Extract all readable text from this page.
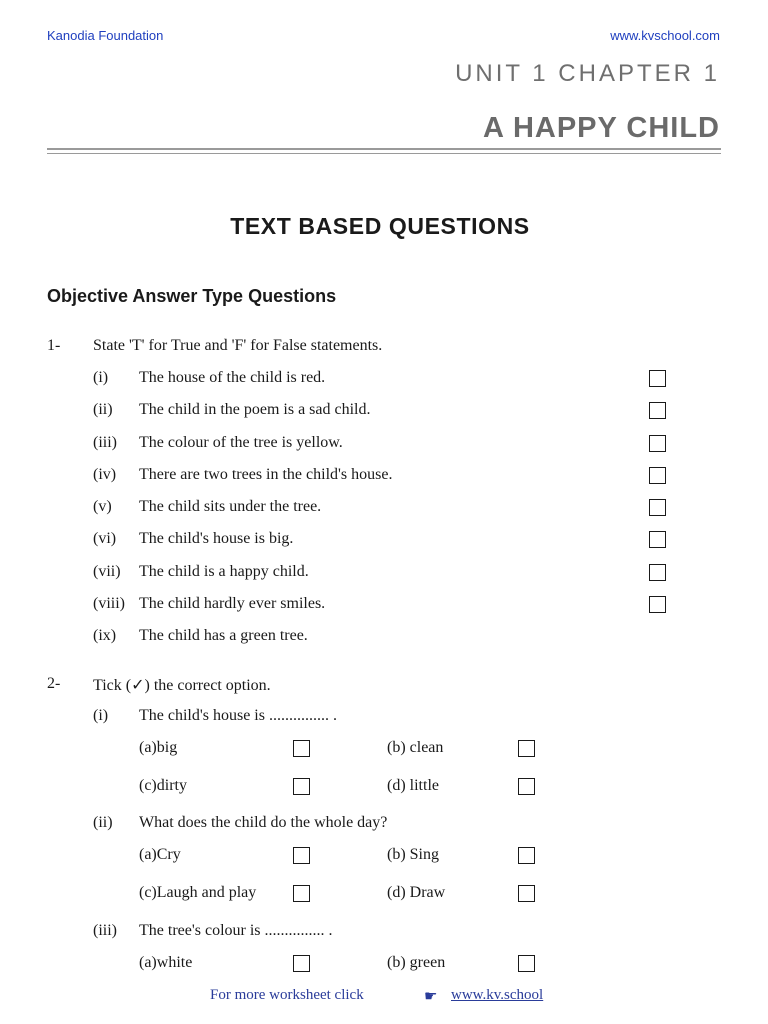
Kanodia Foundation	www.kvschool.com
UNIT 1 CHAPTER 1
A HAPPY CHILD
TEXT BASED QUESTIONS
Objective Answer Type Questions
1- State 'T' for True and 'F' for False statements.
(i) The house of the child is red.
(ii) The child in the poem is a sad child.
(iii) The colour of the tree is yellow.
(iv) There are two trees in the child's house.
(v) The child sits under the tree.
(vi) The child's house is big.
(vii) The child is a happy child.
(viii) The child hardly ever smiles.
(ix) The child has a green tree.
2- Tick (✓) the correct option.
(i) The child's house is ............... .
(a)big	(b) clean
(c)dirty	(d) little
(ii) What does the child do the whole day?
(a)Cry	(b) Sing
(c)Laugh and play	(d) Draw
(iii) The tree's colour is ............... .
(a)white	(b) green
For more worksheet click	☛ www.kv.school
